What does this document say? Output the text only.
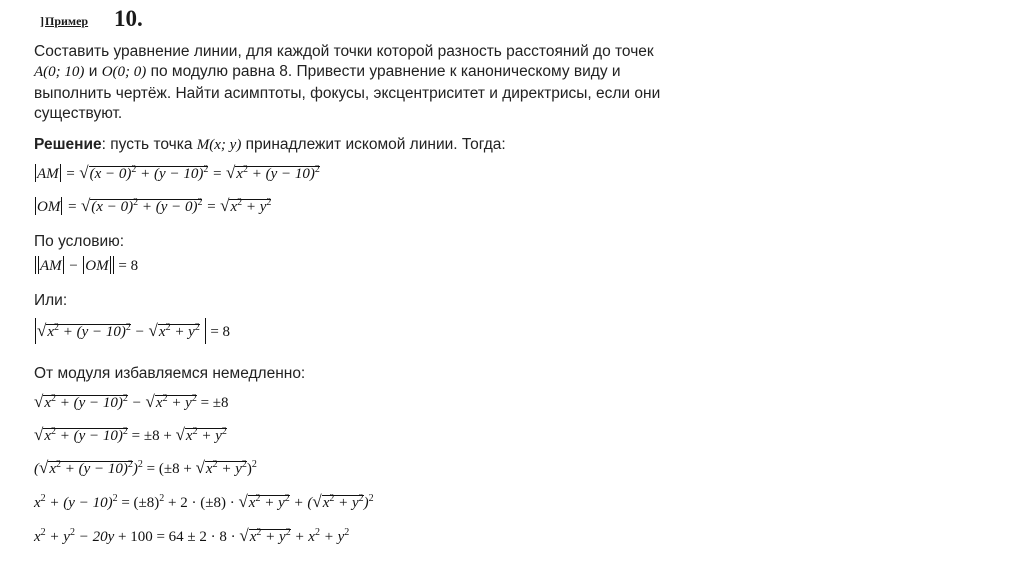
] Пример 10.
Составить уравнение линии, для каждой точки которой разность расстояний до точек
A(0; 10) и O(0; 0) по модулю равна 8. Привести уравнение к каноническому виду и
выполнить чертёж. Найти асимптоты, фокусы, эксцентриситет и директрисы, если они
существуют.
Решение: пусть точка M(x; y) принадлежит искомой линии. Тогда:
AM = $√(x - 0)^2 + (y - 10)^2 = √x^2 + (y - 10)^2$
OM = $√(x - 0)^2 + (y - 0)^2 = √x^2 + y^2$
По условию:
AM − OM = 8
Или:
$√x^2 + (y - 10)^2 - √x^2 + y^2 = 8$
От модуля избавляемся немедленно:
$√x^2 + (y - 10)^2 - √x^2 + y^2 = \pm 8$
$√x^2 + (y - 10)^2 = \pm 8 + √x^2 + y^2$
$(√x^2 + (y - 10)^2)^2 = (\pm 8 + √x^2 + y^2)^2$
$x^2 + (y - 10)^2 = (\pm 8)^2 + 2 \cdot (\pm 8) \cdot √x^2 + y^2 + (√x^2 + y^2)^2$
$x^2 + y^2 - 20y + 100 = 64 \pm 2 \cdot 8 \cdot √x^2 + y^2 + x^2 + y^2$
